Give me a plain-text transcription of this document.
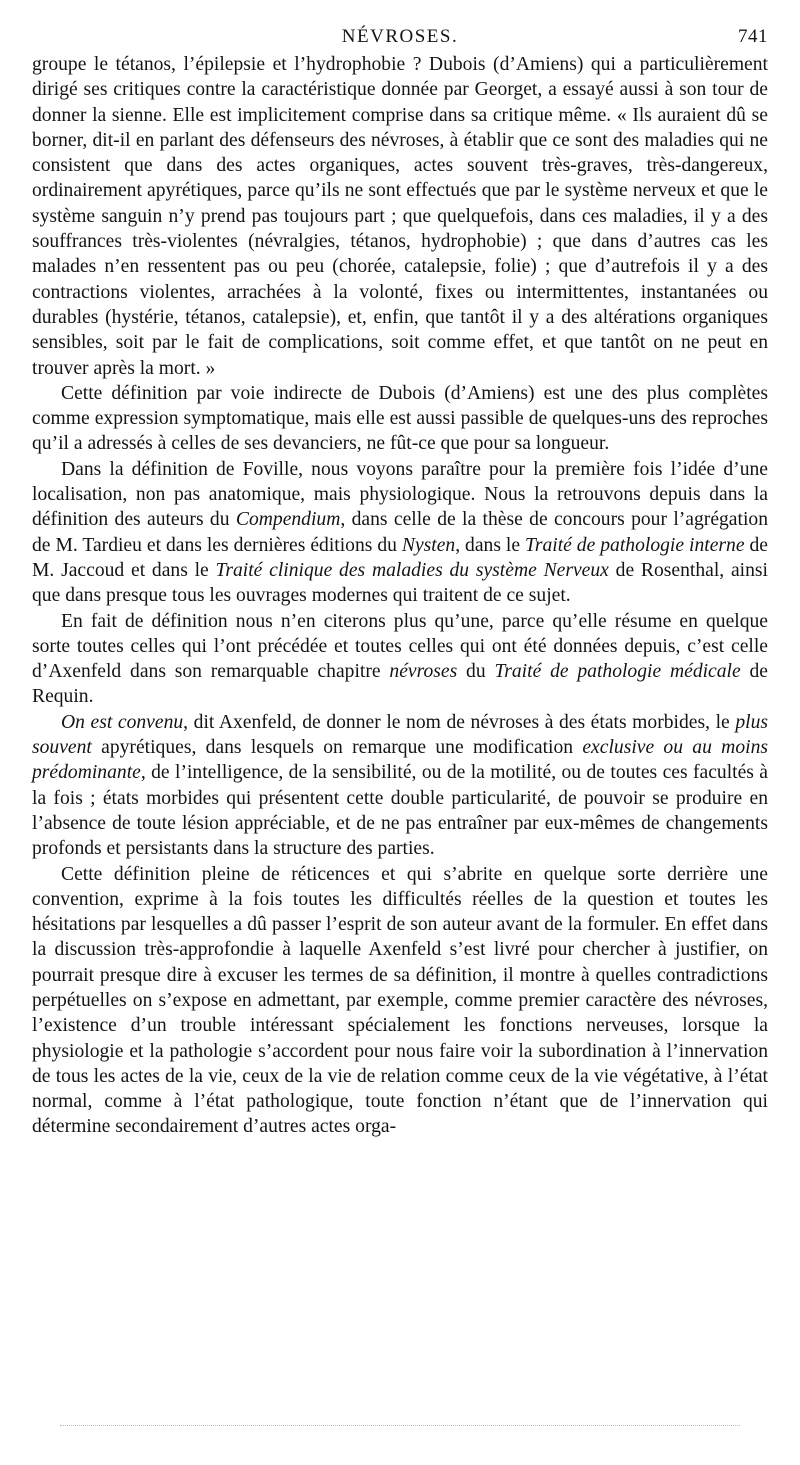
NÉVROSES.	741

groupe le tétanos, l’épilepsie et l’hydrophobie ? Dubois (d’Amiens) qui a particulièrement dirigé ses critiques contre la caractéristique donnée par Georget, a essayé aussi à son tour de donner la sienne. Elle est implicitement comprise dans sa critique même. « Ils auraient dû se borner, dit-il en parlant des défenseurs des névroses, à établir que ce sont des maladies qui ne consistent que dans des actes organiques, actes souvent très-graves, très-dangereux, ordinairement apyrétiques, parce qu’ils ne sont effectués que par le système nerveux et que le système sanguin n’y prend pas toujours part ; que quelquefois, dans ces maladies, il y a des souffrances très-violentes (névralgies, tétanos, hydrophobie) ; que dans d’autres cas les malades n’en ressentent pas ou peu (chorée, catalepsie, folie) ; que d’autrefois il y a des contractions violentes, arrachées à la volonté, fixes ou intermittentes, instantanées ou durables (hystérie, tétanos, catalepsie), et, enfin, que tantôt il y a des altérations organiques sensibles, soit par le fait de complications, soit comme effet, et que tantôt on ne peut en trouver après la mort. »

Cette définition par voie indirecte de Dubois (d’Amiens) est une des plus complètes comme expression symptomatique, mais elle est aussi passible de quelques-uns des reproches qu’il a adressés à celles de ses devanciers, ne fût-ce que pour sa longueur.

Dans la définition de Foville, nous voyons paraître pour la première fois l’idée d’une localisation, non pas anatomique, mais physiologique. Nous la retrouvons depuis dans la définition des auteurs du Compendium, dans celle de la thèse de concours pour l’agrégation de M. Tardieu et dans les dernières éditions du Nysten, dans le Traité de pathologie interne de M. Jaccoud et dans le Traité clinique des maladies du système Nerveux de Rosenthal, ainsi que dans presque tous les ouvrages modernes qui traitent de ce sujet.

En fait de définition nous n’en citerons plus qu’une, parce qu’elle résume en quelque sorte toutes celles qui l’ont précédée et toutes celles qui ont été données depuis, c’est celle d’Axenfeld dans son remarquable chapitre névroses du Traité de pathologie médicale de Requin.

On est convenu, dit Axenfeld, de donner le nom de névroses à des états morbides, le plus souvent apyrétiques, dans lesquels on remarque une modification exclusive ou au moins prédominante, de l’intelligence, de la sensibilité, ou de la motilité, ou de toutes ces facultés à la fois ; états morbides qui présentent cette double particularité, de pouvoir se produire en l’absence de toute lésion appréciable, et de ne pas entraîner par eux-mêmes de changements profonds et persistants dans la structure des parties.

Cette définition pleine de réticences et qui s’abrite en quelque sorte derrière une convention, exprime à la fois toutes les difficultés réelles de la question et toutes les hésitations par lesquelles a dû passer l’esprit de son auteur avant de la formuler. En effet dans la discussion très-approfondie à laquelle Axenfeld s’est livré pour chercher à justifier, on pourrait presque dire à excuser les termes de sa définition, il montre à quelles contradictions perpétuelles on s’expose en admettant, par exemple, comme premier caractère des névroses, l’existence d’un trouble intéressant spécialement les fonctions nerveuses, lorsque la physiologie et la pathologie s’accordent pour nous faire voir la subordination à l’innervation de tous les actes de la vie, ceux de la vie de relation comme ceux de la vie végétative, à l’état normal, comme à l’état pathologique, toute fonction n’étant que de l’innervation qui détermine secondairement d’autres actes orga-
